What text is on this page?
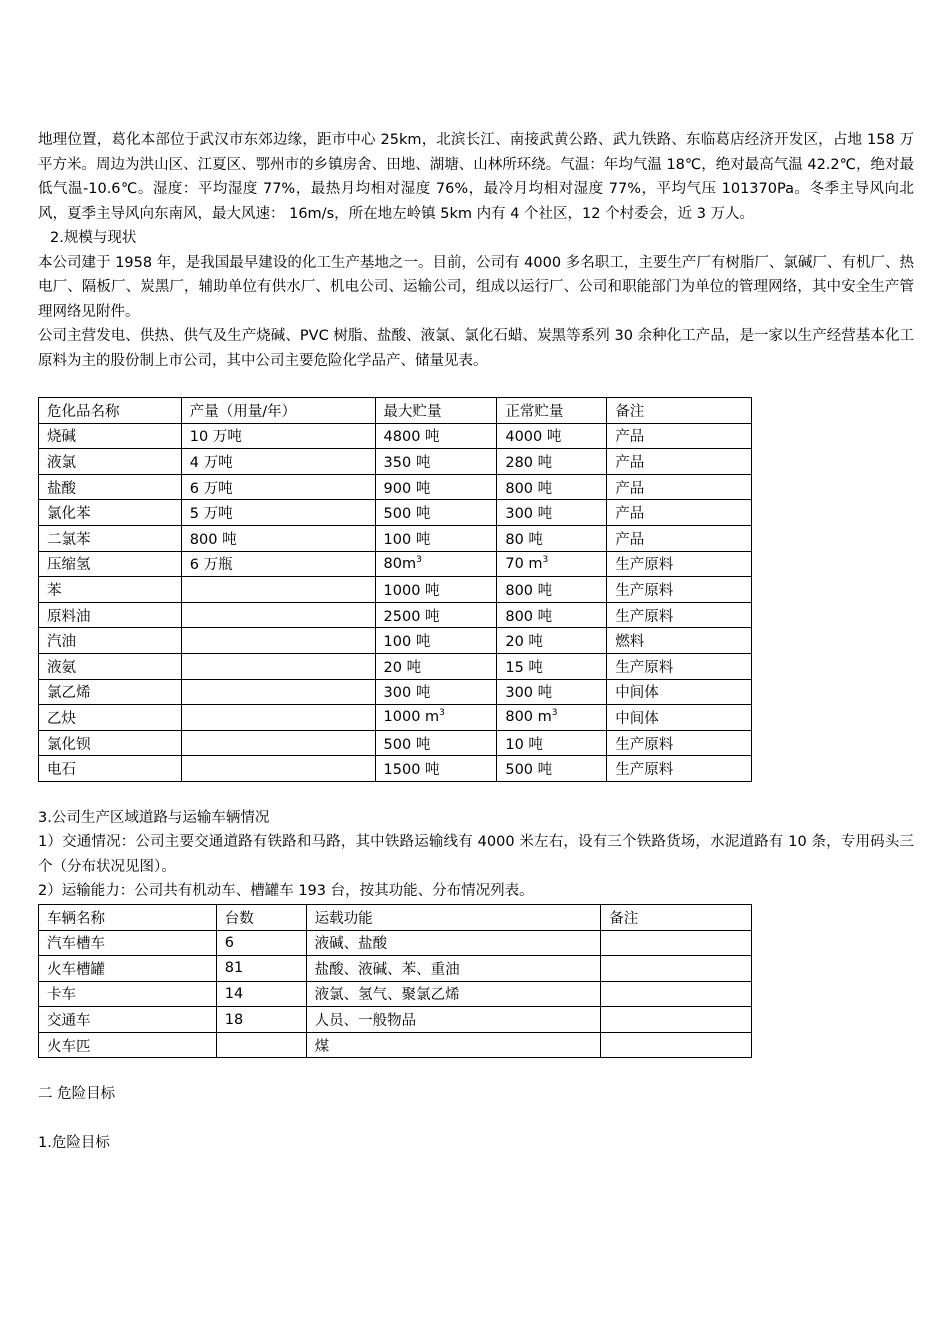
地理位置，葛化本部位于武汉市东郊边缘，距市中心 25km，北滨长江、南接武黄公路、武九铁路、东临葛店经济开发区，占地 158 万平方米。周边为洪山区、江夏区、鄂州市的乡镇房舍、田地、湖塘、山林所环绕。气温：年均气温 18℃，绝对最高气温 42.2℃，绝对最低气温-10.6℃。湿度：平均湿度 77%，最热月均相对湿度 76%，最冷月均相对湿度 77%，平均气压 101370Pa。冬季主导风向北风，夏季主导风向东南风，最大风速： 16m/s，所在地左岭镇 5km 内有 4 个社区，12 个村委会，近 3 万人。

2.规模与现状

本公司建于 1958 年，是我国最早建设的化工生产基地之一。目前，公司有 4000 多名职工，主要生产厂有树脂厂、氯碱厂、有机厂、热电厂、隔板厂、炭黑厂，辅助单位有供水厂、机电公司、运输公司，组成以运行厂、公司和职能部门为单位的管理网络，其中安全生产管理网络见附件。

公司主营发电、供热、供气及生产烧碱、PVC 树脂、盐酸、液氯、氯化石蜡、炭黑等系列 30 余种化工产品，是一家以生产经营基本化工原料为主的股份制上市公司，其中公司主要危险化学品产、储量见表。

危化品名称	产量（用量/年）	最大贮量	正常贮量	备注
烧碱	10 万吨	4800 吨	4000 吨	产品
液氯	4 万吨	350 吨	280 吨	产品
盐酸	6 万吨	900 吨	800 吨	产品
氯化苯	5 万吨	500 吨	300 吨	产品
二氯苯	800 吨	100 吨	80 吨	产品
压缩氢	6 万瓶	$80m^3$	70 $m^3$	生产原料
苯		1000 吨	800 吨	生产原料
原料油		2500 吨	800 吨	生产原料
汽油		100 吨	20 吨	燃料
液氨		20 吨	15 吨	生产原料
氯乙烯		300 吨	300 吨	中间体
乙炔		1000 $m^3$	800 $m^3$	中间体
氯化钡		500 吨	10 吨	生产原料
电石		1500 吨	500 吨	生产原料

3.公司生产区域道路与运输车辆情况

1）交通情况：公司主要交通道路有铁路和马路，其中铁路运输线有 4000 米左右，设有三个铁路货场，水泥道路有 10 条，专用码头三个（分布状况见图）。

2）运输能力：公司共有机动车、槽罐车 193 台，按其功能、分布情况列表。

车辆名称	台数	运载功能	备注
汽车槽车	6	液碱、盐酸	
火车槽罐	81	盐酸、液碱、苯、重油	
卡车	14	液氯、氢气、聚氯乙烯	
交通车	18	人员、一般物品	
火车匹		煤	

二 危险目标

1.危险目标
